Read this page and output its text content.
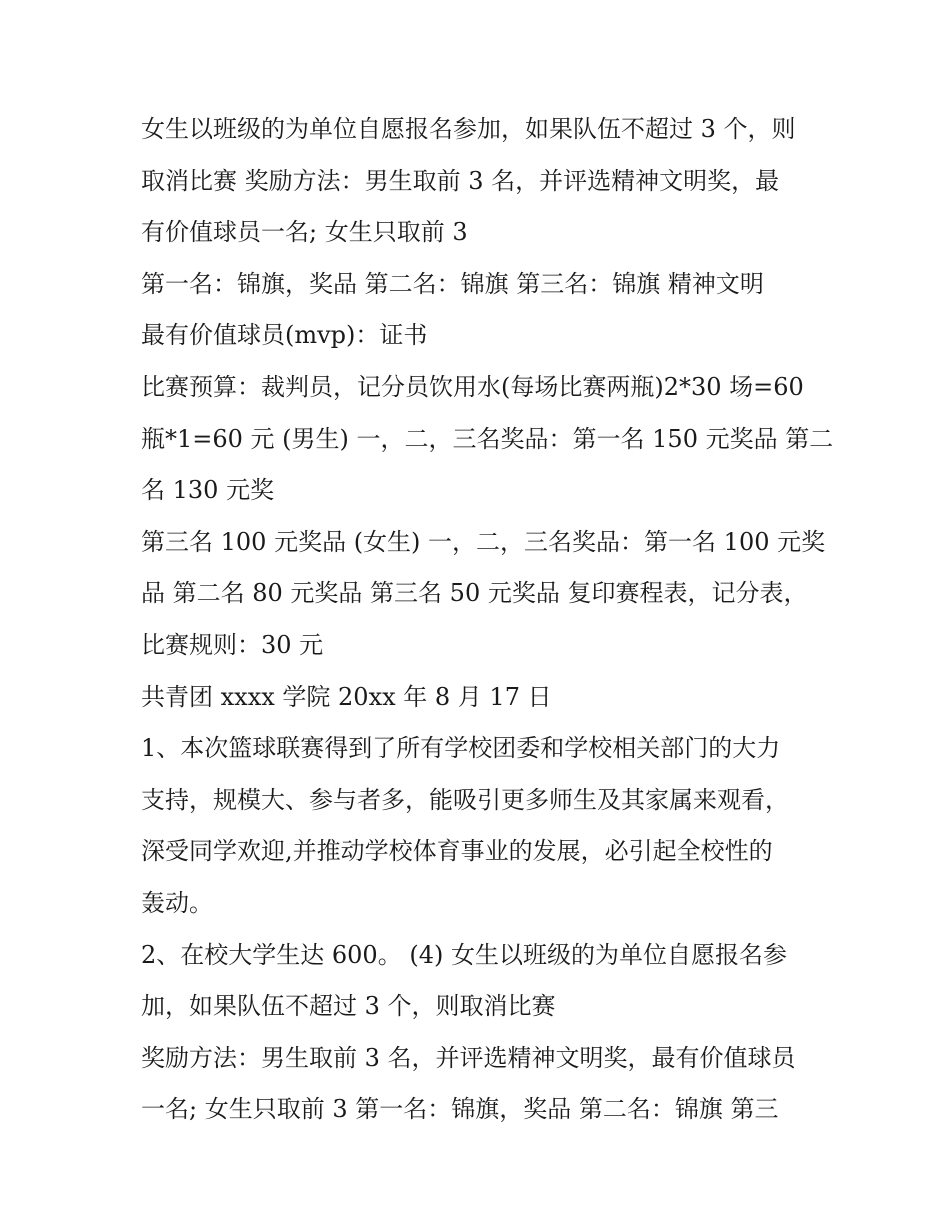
女生以班级的为单位自愿报名参加，如果队伍不超过 3 个，则
取消比赛 奖励方法：男生取前 3 名，并评选精神文明奖，最
有价值球员一名; 女生只取前 3

第一名：锦旗，奖品 第二名：锦旗 第三名：锦旗 精神文明

最有价值球员(mvp)：证书

比赛预算：裁判员，记分员饮用水(每场比赛两瓶)2*30 场=60
瓶*1=60 元 (男生) 一，二，三名奖品：第一名 150 元奖品 第二
名 130 元奖

第三名 100 元奖品 (女生) 一，二，三名奖品：第一名 100 元奖
品 第二名 80 元奖品 第三名 50 元奖品 复印赛程表，记分表，
比赛规则：30 元

共青团 xxxx 学院 20xx 年 8 月 17 日

1、本次篮球联赛得到了所有学校团委和学校相关部门的大力
支持，规模大、参与者多，能吸引更多师生及其家属来观看，
深受同学欢迎,并推动学校体育事业的发展，必引起全校性的
轰动。

2、在校大学生达 600。 (4) 女生以班级的为单位自愿报名参
加，如果队伍不超过 3 个，则取消比赛

奖励方法：男生取前 3 名，并评选精神文明奖，最有价值球员
一名; 女生只取前 3 第一名：锦旗，奖品 第二名：锦旗 第三
